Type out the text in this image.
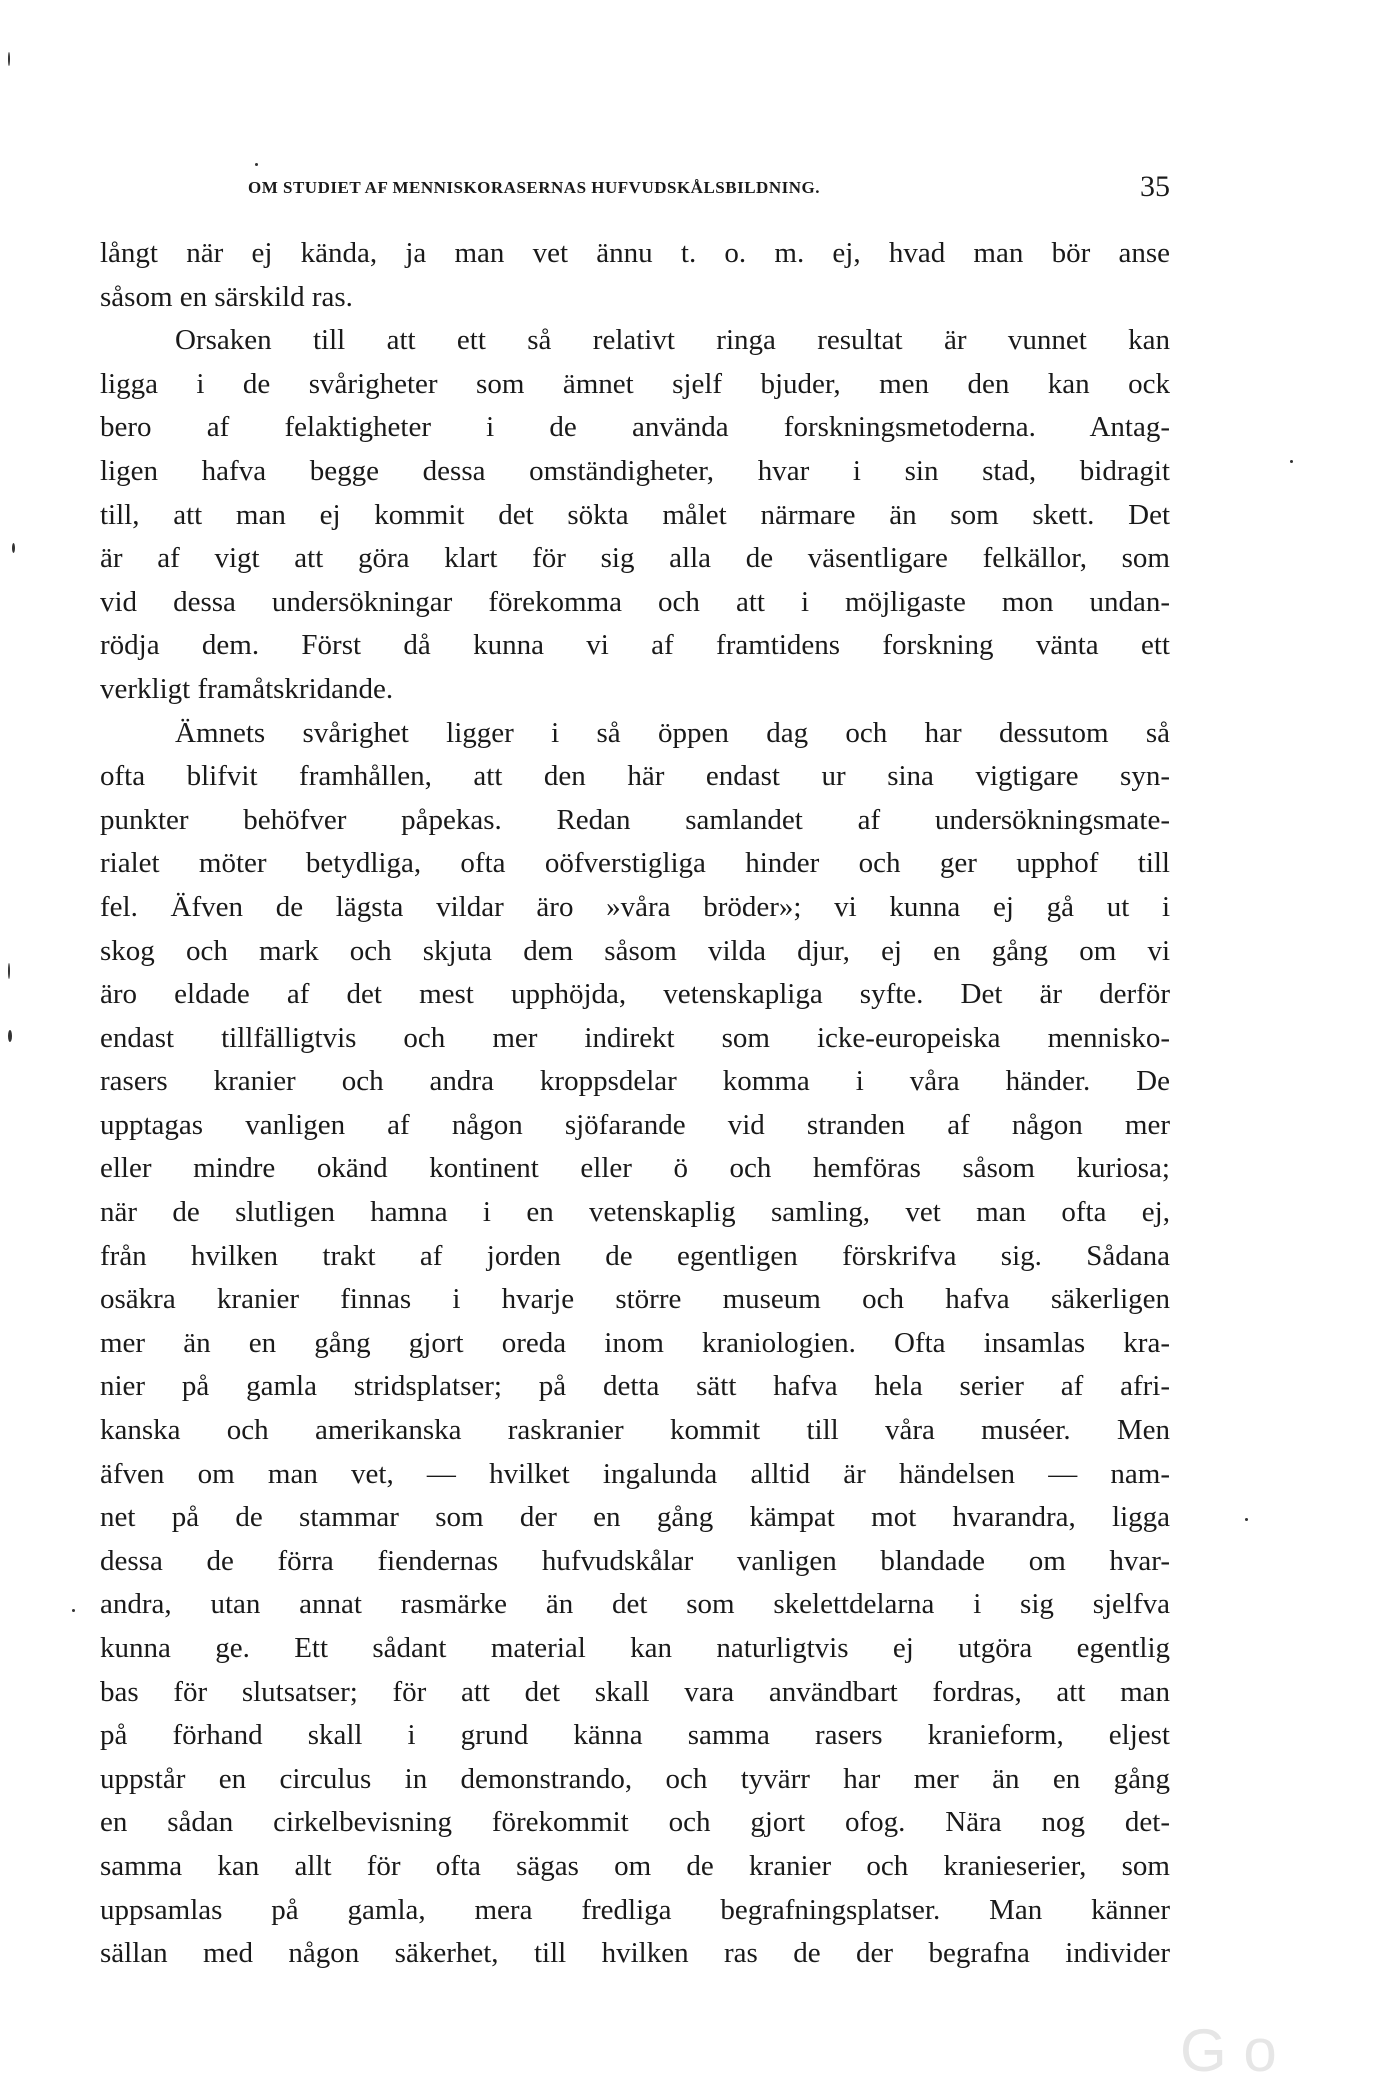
OM STUDIET AF MENNISKORASERNAS HUFVUDSKÅLSBILDNING.	35
långt när ej kända, ja man vet ännu t. o. m. ej, hvad man bör anse
såsom en särskild ras.
Orsaken till att ett så relativt ringa resultat är vunnet kan
ligga i de svårigheter som ämnet sjelf bjuder, men den kan ock
bero af felaktigheter i de använda forskningsmetoderna. Antag-
ligen hafva begge dessa omständigheter, hvar i sin stad, bidragit
till, att man ej kommit det sökta målet närmare än som skett. Det
är af vigt att göra klart för sig alla de väsentligare felkällor, som
vid dessa undersökningar förekomma och att i möjligaste mon undan-
rödja dem. Först då kunna vi af framtidens forskning vänta ett
verkligt framåtskridande.
Ämnets svårighet ligger i så öppen dag och har dessutom så
ofta blifvit framhållen, att den här endast ur sina vigtigare syn-
punkter behöfver påpekas. Redan samlandet af undersökningsmate-
rialet möter betydliga, ofta oöfverstigliga hinder och ger upphof till
fel. Äfven de lägsta vildar äro »våra bröder»; vi kunna ej gå ut i
skog och mark och skjuta dem såsom vilda djur, ej en gång om vi
äro eldade af det mest upphöjda, vetenskapliga syfte. Det är derför
endast tillfälligtvis och mer indirekt som icke-europeiska mennisko-
rasers kranier och andra kroppsdelar komma i våra händer. De
upptagas vanligen af någon sjöfarande vid stranden af någon mer
eller mindre okänd kontinent eller ö och hemföras såsom kuriosa;
när de slutligen hamna i en vetenskaplig samling, vet man ofta ej,
från hvilken trakt af jorden de egentligen förskrifva sig. Sådana
osäkra kranier finnas i hvarje större museum och hafva säkerligen
mer än en gång gjort oreda inom kraniologien. Ofta insamlas kra-
nier på gamla stridsplatser; på detta sätt hafva hela serier af afri-
kanska och amerikanska raskranier kommit till våra muséer. Men
äfven om man vet, — hvilket ingalunda alltid är händelsen — nam-
net på de stammar som der en gång kämpat mot hvarandra, ligga
dessa de förra fiendernas hufvudskålar vanligen blandade om hvar-
andra, utan annat rasmärke än det som skelettdelarna i sig sjelfva
kunna ge. Ett sådant material kan naturligtvis ej utgöra egentlig
bas för slutsatser; för att det skall vara användbart fordras, att man
på förhand skall i grund känna samma rasers kranieform, eljest
uppstår en circulus in demonstrando, och tyvärr har mer än en gång
en sådan cirkelbevisning förekommit och gjort ofog. Nära nog det-
samma kan allt för ofta sägas om de kranier och kranieserier, som
uppsamlas på gamla, mera fredliga begrafningsplatser. Man känner
sällan med någon säkerhet, till hvilken ras de der begrafna individer
G o
